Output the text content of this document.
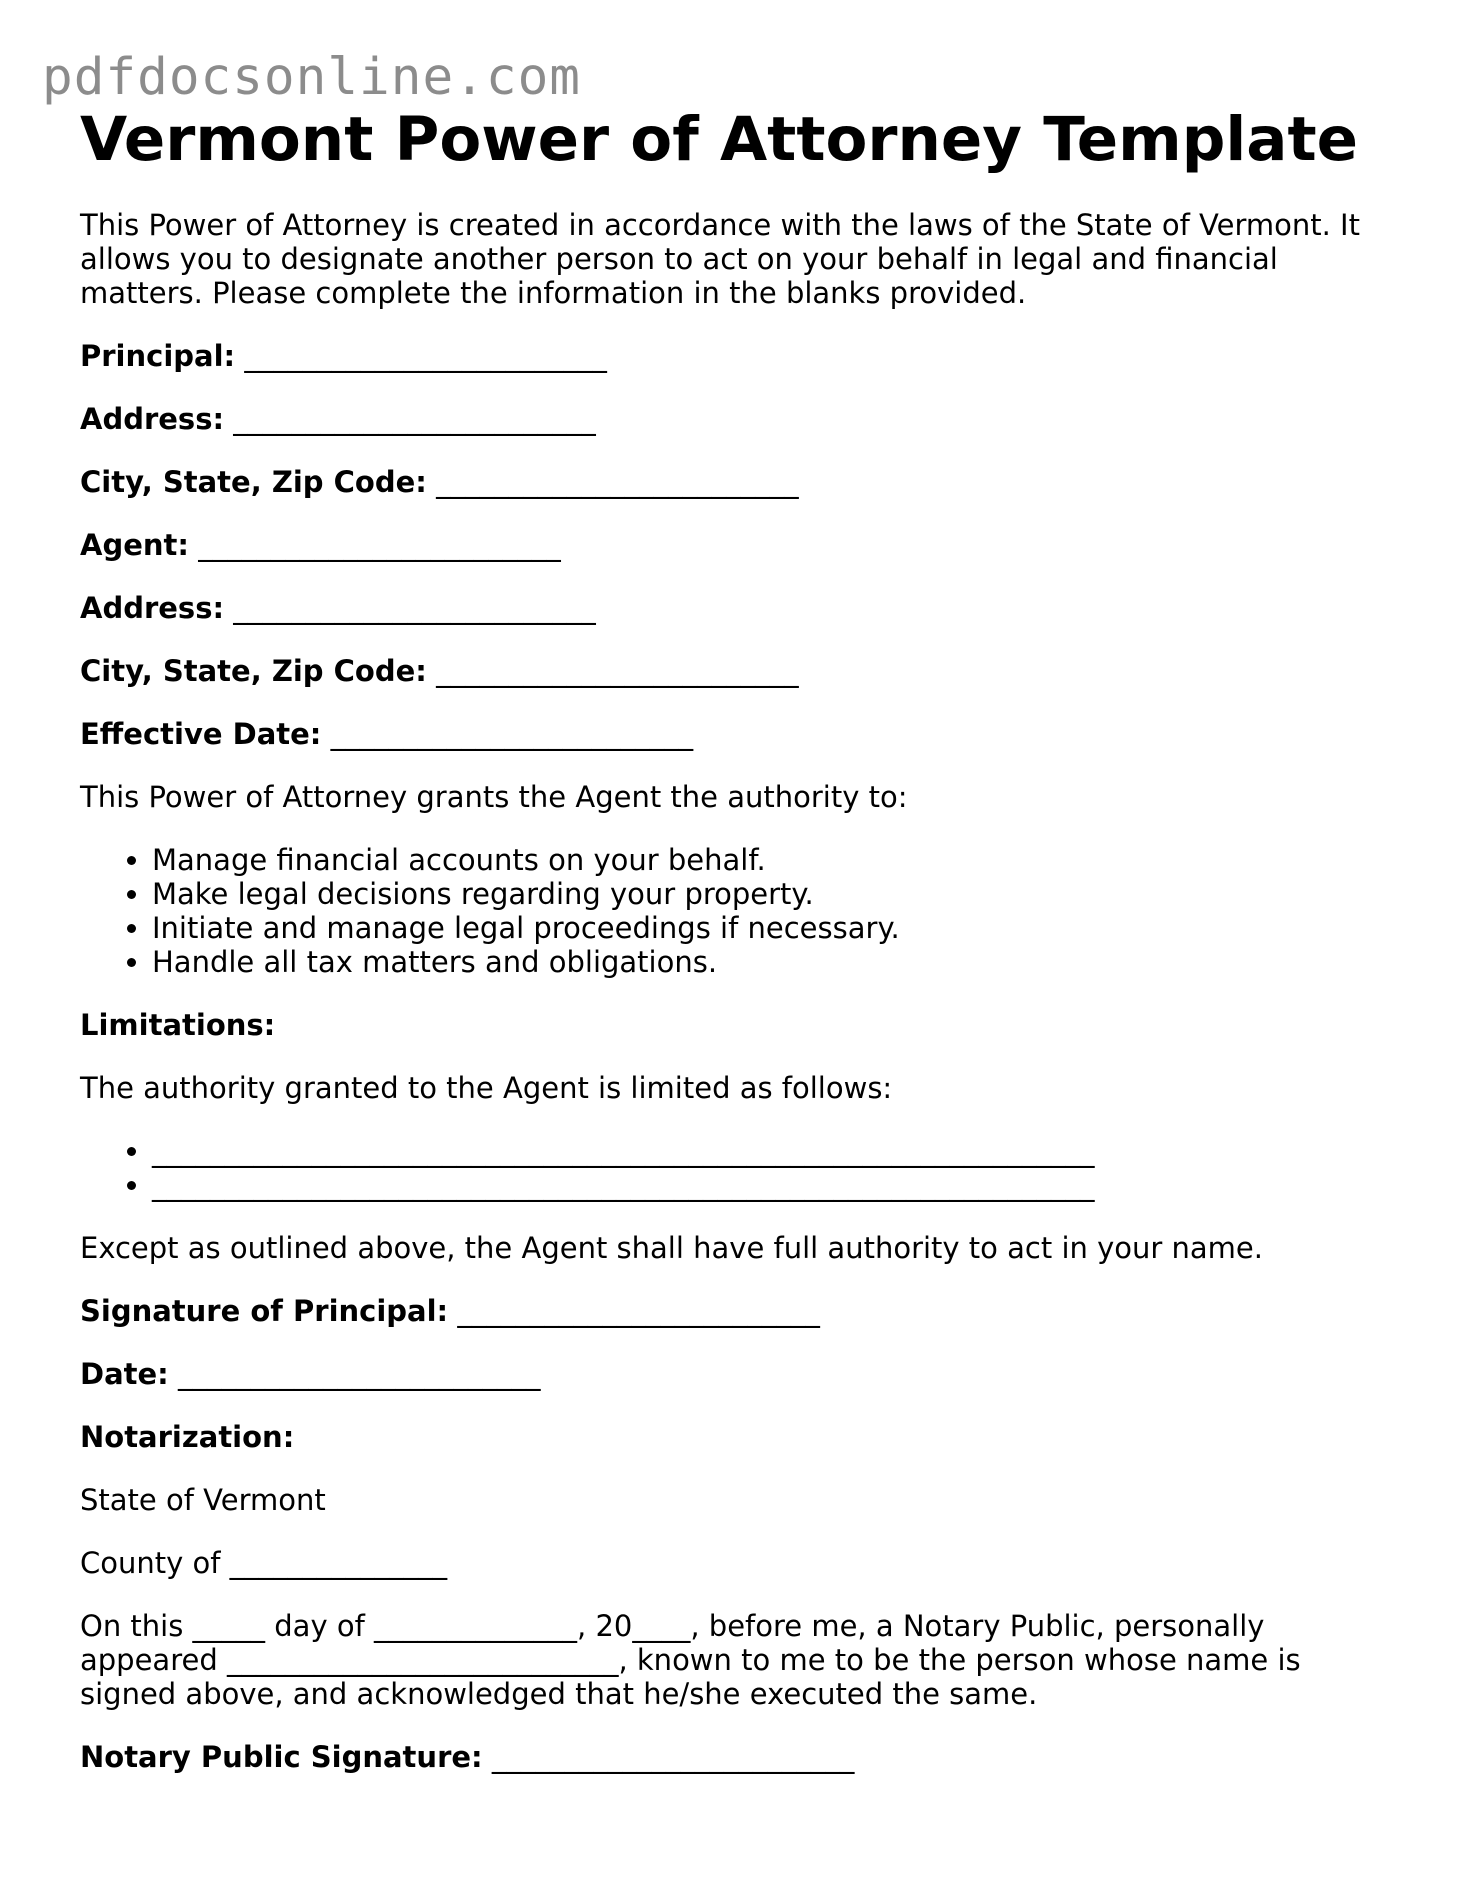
pdfdocsonline.com
Vermont Power of Attorney Template

This Power of Attorney is created in accordance with the laws of the State of Vermont. It allows you to designate another person to act on your behalf in legal and financial matters. Please complete the information in the blanks provided.

Principal: _________________________
Address: _________________________
City, State, Zip Code: _________________________
Agent: _________________________
Address: _________________________
City, State, Zip Code: _________________________
Effective Date: _________________________

This Power of Attorney grants the Agent the authority to:

• Manage financial accounts on your behalf.
• Make legal decisions regarding your property.
• Initiate and manage legal proceedings if necessary.
• Handle all tax matters and obligations.
Limitations:

The authority granted to the Agent is limited as follows:

• _________________________________________________________________
• _________________________________________________________________

Except as outlined above, the Agent shall have full authority to act in your name.

Signature of Principal: _________________________
Date: _________________________
Notarization:

State of Vermont

County of _______________

On this _____ day of ______________, 20____, before me, a Notary Public, personally appeared ___________________________, known to me to be the person whose name is signed above, and acknowledged that he/she executed the same.

Notary Public Signature: _________________________
